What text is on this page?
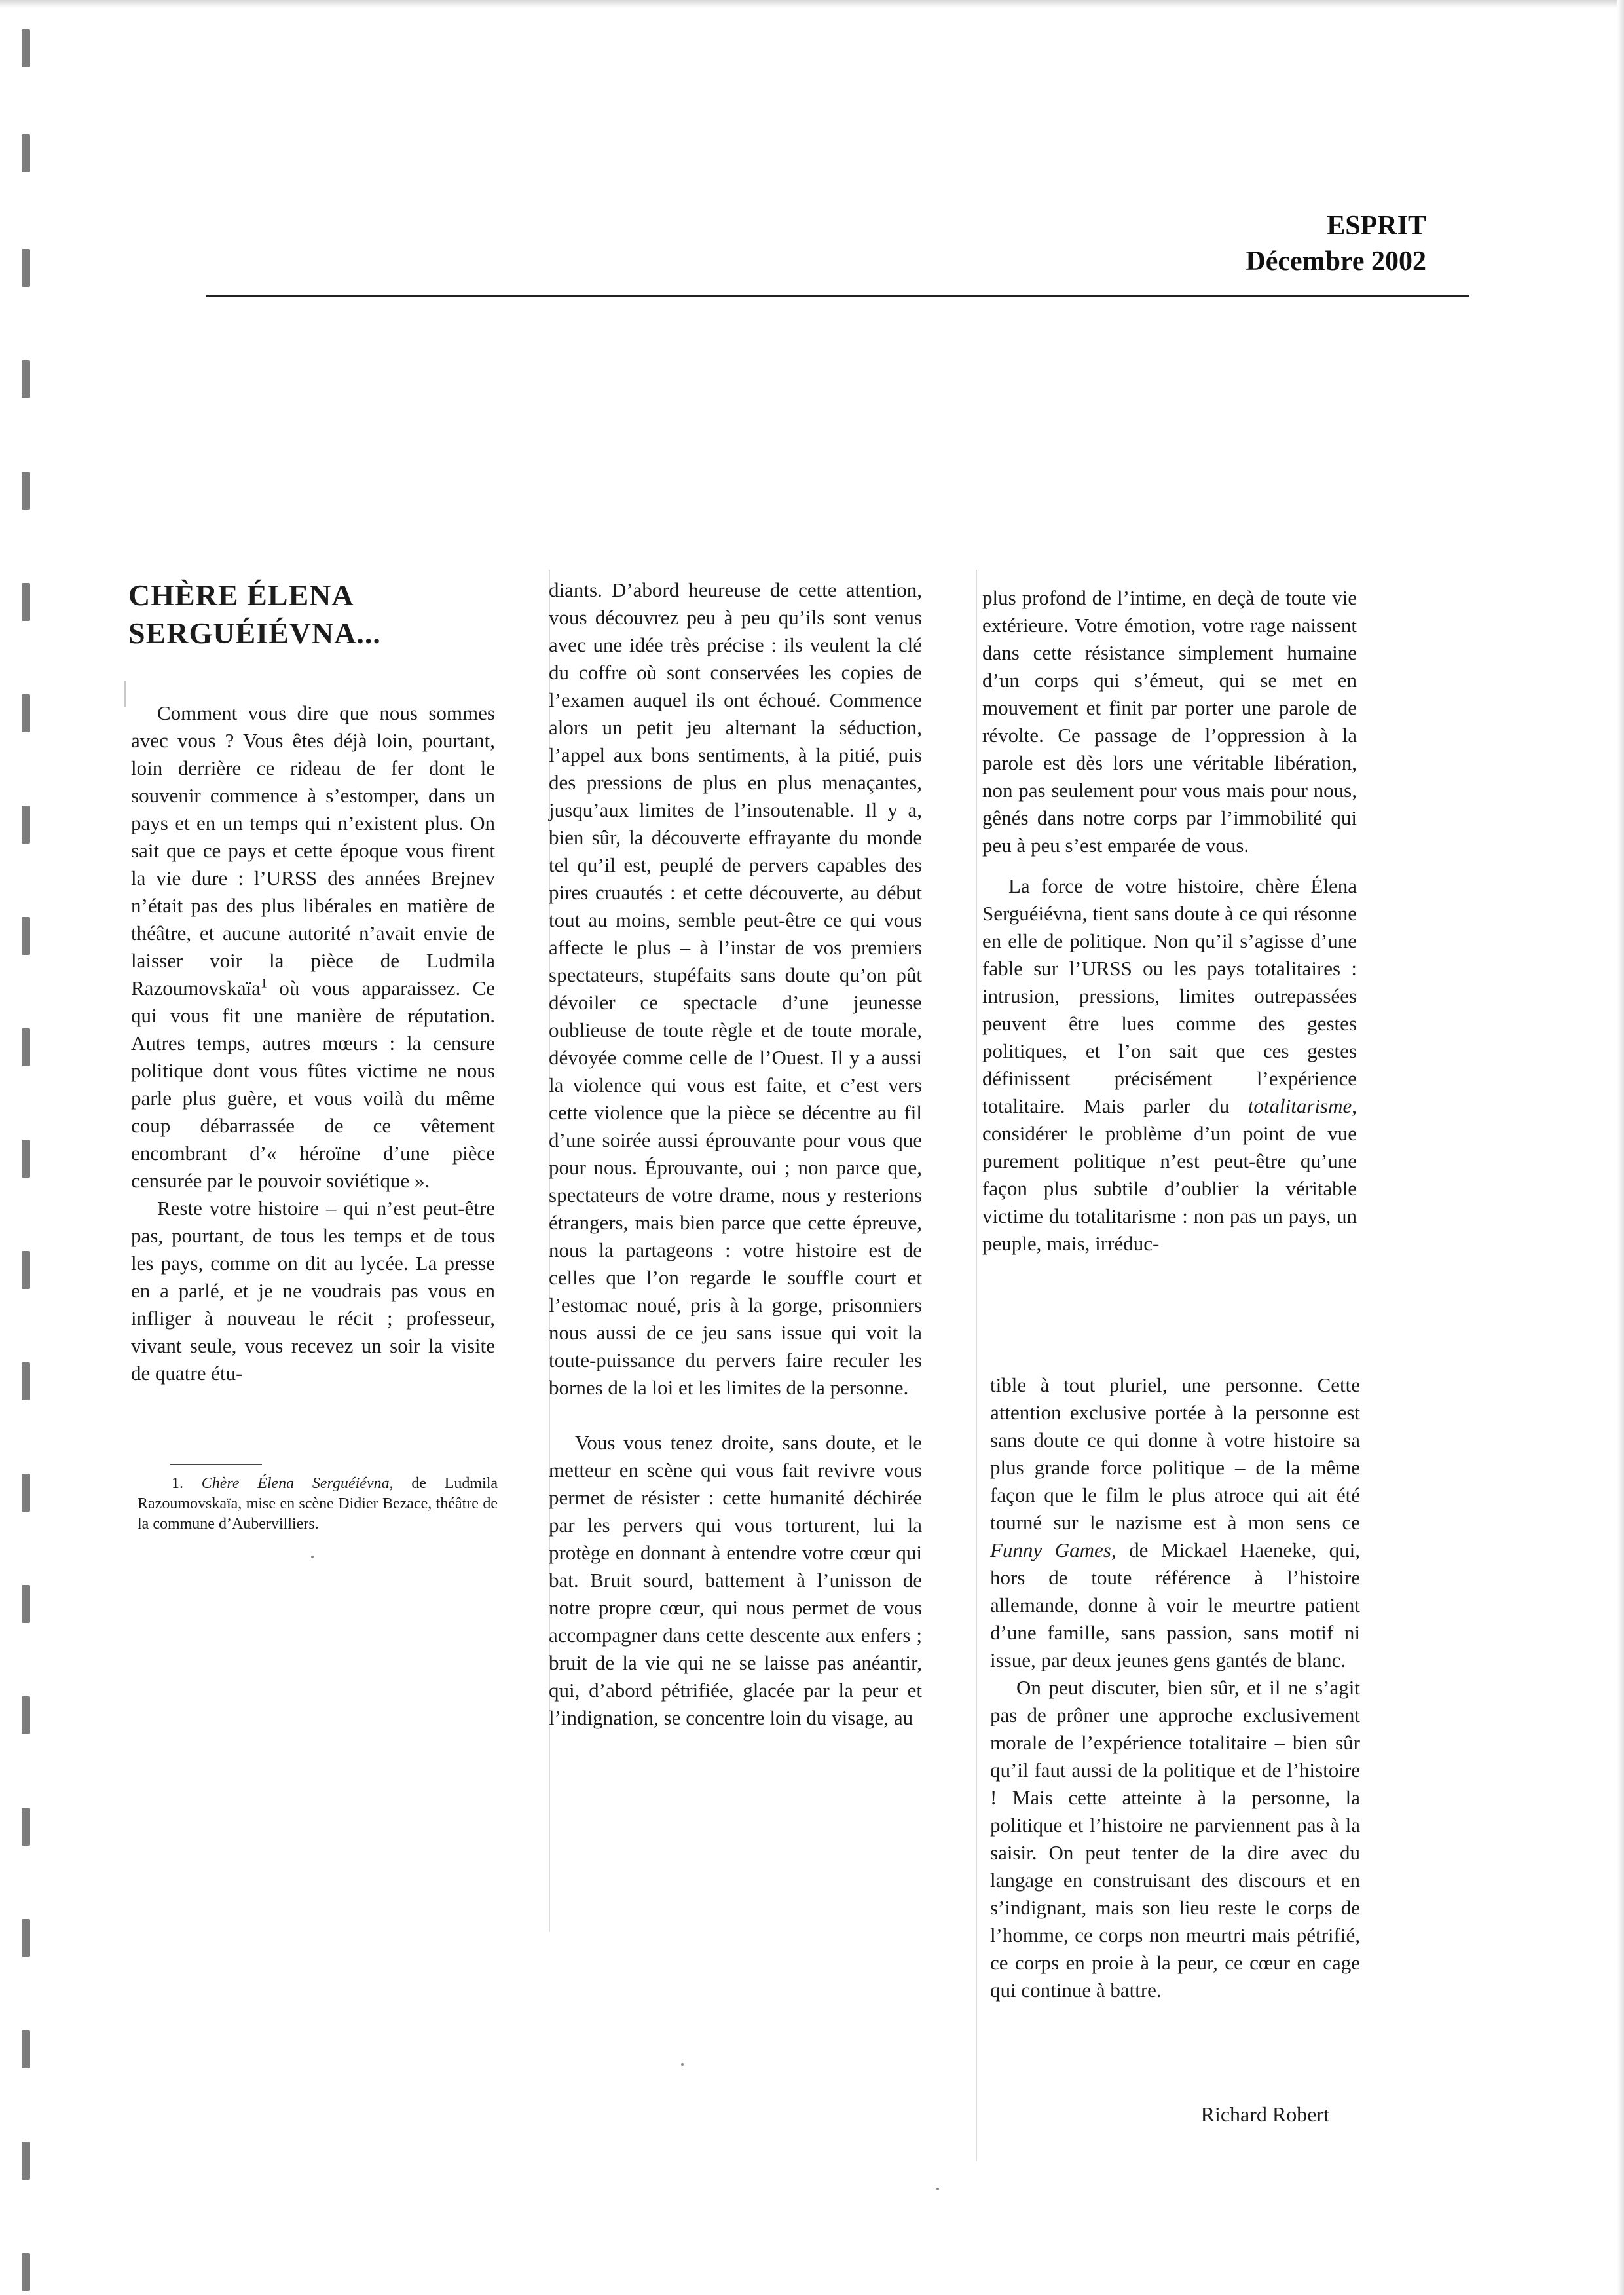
ESPRIT
Décembre 2002
CHÈRE ÉLENA
SERGUÉIÉVNA...

Comment vous dire que nous sommes avec vous ? Vous êtes déjà loin, pourtant, loin derrière ce rideau de fer dont le souvenir commence à s’estomper, dans un pays et en un temps qui n’existent plus. On sait que ce pays et cette époque vous firent la vie dure : l’URSS des années Brejnev n’était pas des plus libérales en matière de théâtre, et aucune autorité n’avait envie de laisser voir la pièce de Ludmila Razoumovskaïa$^1$ où vous apparaissez. Ce qui vous fit une manière de réputation. Autres temps, autres mœurs : la censure politique dont vous fûtes victime ne nous parle plus guère, et vous voilà du même coup débarrassée de ce vêtement encombrant d’« héroïne d’une pièce censurée par le pouvoir soviétique ».

Reste votre histoire – qui n’est peut-être pas, pourtant, de tous les temps et de tous les pays, comme on dit au lycée. La presse en a parlé, et je ne voudrais pas vous en infliger à nouveau le récit ; professeur, vivant seule, vous recevez un soir la visite de quatre étu-

1. Chère Élena Serguéiévna, de Ludmila Razoumovskaïa, mise en scène Didier Bezace, théâtre de la commune d’Aubervilliers.

diants. D’abord heureuse de cette attention, vous découvrez peu à peu qu’ils sont venus avec une idée très précise : ils veulent la clé du coffre où sont conservées les copies de l’examen auquel ils ont échoué. Commence alors un petit jeu alternant la séduction, l’appel aux bons sentiments, à la pitié, puis des pressions de plus en plus menaçantes, jusqu’aux limites de l’insoutenable. Il y a, bien sûr, la découverte effrayante du monde tel qu’il est, peuplé de pervers capables des pires cruautés : et cette découverte, au début tout au moins, semble peut-être ce qui vous affecte le plus – à l’instar de vos premiers spectateurs, stupéfaits sans doute qu’on pût dévoiler ce spectacle d’une jeunesse oublieuse de toute règle et de toute morale, dévoyée comme celle de l’Ouest. Il y a aussi la violence qui vous est faite, et c’est vers cette violence que la pièce se décentre au fil d’une soirée aussi éprouvante pour vous que pour nous. Éprouvante, oui ; non parce que, spectateurs de votre drame, nous y resterions étrangers, mais bien parce que cette épreuve, nous la partageons : votre histoire est de celles que l’on regarde le souffle court et l’estomac noué, pris à la gorge, prisonniers nous aussi de ce jeu sans issue qui voit la toute-puissance du pervers faire reculer les bornes de la loi et les limites de la personne.

Vous vous tenez droite, sans doute, et le metteur en scène qui vous fait revivre vous permet de résister : cette humanité déchirée par les pervers qui vous torturent, lui la protège en donnant à entendre votre cœur qui bat. Bruit sourd, battement à l’unisson de notre propre cœur, qui nous permet de vous accompagner dans cette descente aux enfers ; bruit de la vie qui ne se laisse pas anéantir, qui, d’abord pétrifiée, glacée par la peur et l’indignation, se concentre loin du visage, au

plus profond de l’intime, en deçà de toute vie extérieure. Votre émotion, votre rage naissent dans cette résistance simplement humaine d’un corps qui s’émeut, qui se met en mouvement et finit par porter une parole de révolte. Ce passage de l’oppression à la parole est dès lors une véritable libération, non pas seulement pour vous mais pour nous, gênés dans notre corps par l’immobilité qui peu à peu s’est emparée de vous.

La force de votre histoire, chère Élena Serguéiévna, tient sans doute à ce qui résonne en elle de politique. Non qu’il s’agisse d’une fable sur l’URSS ou les pays totalitaires : intrusion, pressions, limites outrepassées peuvent être lues comme des gestes politiques, et l’on sait que ces gestes définissent précisément l’expérience totalitaire. Mais parler du totalitarisme, considérer le problème d’un point de vue purement politique n’est peut-être qu’une façon plus subtile d’oublier la véritable victime du totalitarisme : non pas un pays, un peuple, mais, irréduc-

tible à tout pluriel, une personne. Cette attention exclusive portée à la personne est sans doute ce qui donne à votre histoire sa plus grande force politique – de la même façon que le film le plus atroce qui ait été tourné sur le nazisme est à mon sens ce Funny Games, de Mickael Haeneke, qui, hors de toute référence à l’histoire allemande, donne à voir le meurtre patient d’une famille, sans passion, sans motif ni issue, par deux jeunes gens gantés de blanc.

On peut discuter, bien sûr, et il ne s’agit pas de prôner une approche exclusivement morale de l’expérience totalitaire – bien sûr qu’il faut aussi de la politique et de l’histoire ! Mais cette atteinte à la personne, la politique et l’histoire ne parviennent pas à la saisir. On peut tenter de la dire avec du langage en construisant des discours et en s’indignant, mais son lieu reste le corps de l’homme, ce corps non meurtri mais pétrifié, ce corps en proie à la peur, ce cœur en cage qui continue à battre.

Richard Robert
